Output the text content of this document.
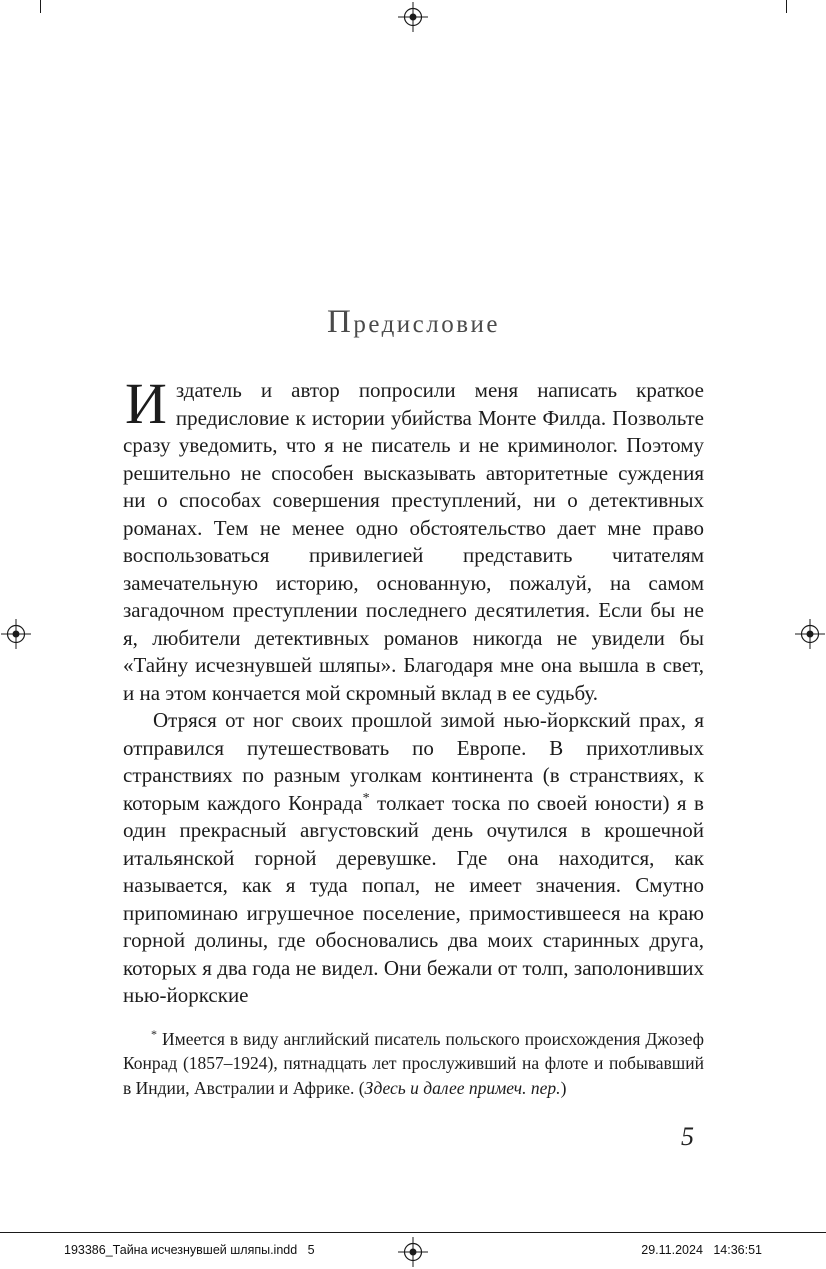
Предисловие

Издатель и автор попросили меня написать краткое предисловие к истории убийства Монте Филда. Позвольте сразу уведомить, что я не писатель и не криминолог. Поэтому решительно не способен высказывать авторитетные суждения ни о способах совершения преступлений, ни о детективных романах. Тем не менее одно обстоятельство дает мне право воспользоваться привилегией представить читателям замечательную историю, основанную, пожалуй, на самом загадочном преступлении последнего десятилетия. Если бы не я, любители детективных романов никогда не увидели бы «Тайну исчезнувшей шляпы». Благодаря мне она вышла в свет, и на этом кончается мой скромный вклад в ее судьбу.

Отряся от ног своих прошлой зимой нью-йоркский прах, я отправился путешествовать по Европе. В прихотливых странствиях по разным уголкам континента (в странствиях, к которым каждого Конрада* толкает тоска по своей юности) я в один прекрасный августовский день очутился в крошечной итальянской горной деревушке. Где она находится, как называется, как я туда попал, не имеет значения. Смутно припоминаю игрушечное поселение, примостившееся на краю горной долины, где обосновались два моих старинных друга, которых я два года не видел. Они бежали от толп, заполонивших нью-йоркские

* Имеется в виду английский писатель польского происхождения Джозеф Конрад (1857–1924), пятнадцать лет прослуживший на флоте и побывавший в Индии, Австралии и Африке. (Здесь и далее примеч. пер.)

5
193386_Тайна исчезнувшей шляпы.indd   5	29.11.2024   14:36:51
